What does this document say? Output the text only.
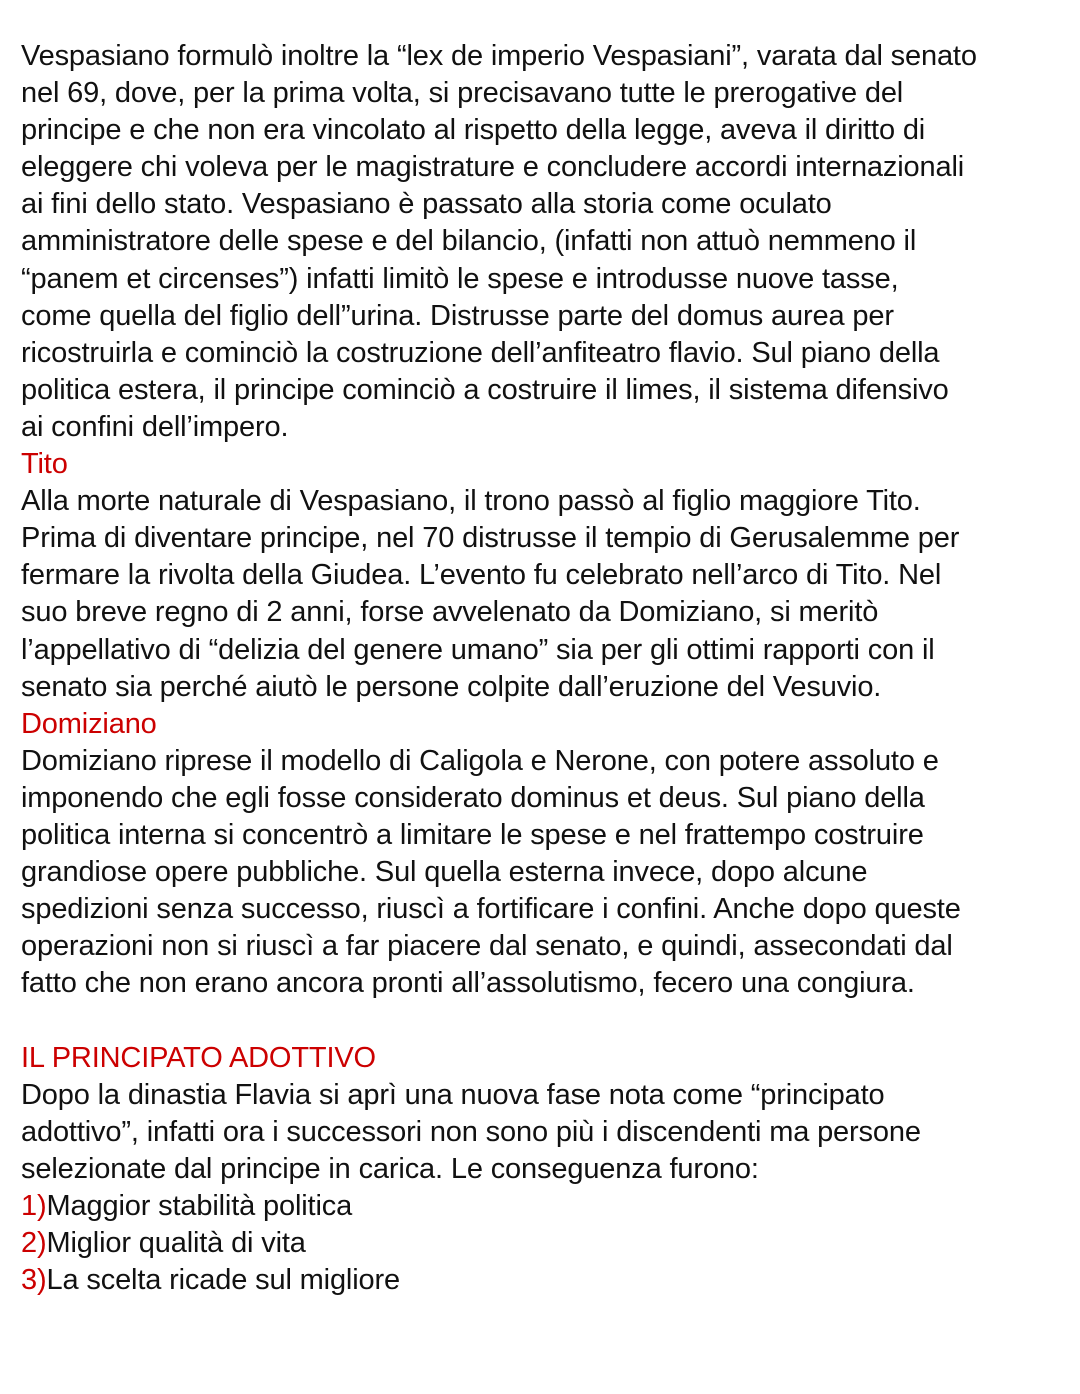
Vespasiano formulò inoltre la “lex de imperio Vespasiani”, varata dal senato
nel 69, dove, per la prima volta, si precisavano tutte le prerogative del
principe e che non era vincolato al rispetto della legge, aveva il diritto di
eleggere chi voleva per le magistrature e concludere accordi internazionali
ai fini dello stato. Vespasiano è passato alla storia come oculato
amministratore delle spese e del bilancio, (infatti non attuò nemmeno il
“panem et circenses”) infatti limitò le spese e introdusse nuove tasse,
come quella del figlio dell”urina. Distrusse parte del domus aurea per
ricostruirla e cominciò la costruzione dell’anfiteatro flavio. Sul piano della
politica estera, il principe cominciò a costruire il limes, il sistema difensivo
ai confini dell’impero.

Tito
Alla morte naturale di Vespasiano, il trono passò al figlio maggiore Tito.
Prima di diventare principe, nel 70 distrusse il tempio di Gerusalemme per
fermare la rivolta della Giudea. L’evento fu celebrato nell’arco di Tito. Nel
suo breve regno di 2 anni, forse avvelenato da Domiziano, si meritò
l’appellativo di “delizia del genere umano” sia per gli ottimi rapporti con il
senato sia perché aiutò le persone colpite dall’eruzione del Vesuvio.

Domiziano
Domiziano riprese il modello di Caligola e Nerone, con potere assoluto e
imponendo che egli fosse considerato dominus et deus. Sul piano della
politica interna si concentrò a limitare le spese e nel frattempo costruire
grandiose opere pubbliche. Sul quella esterna invece, dopo alcune
spedizioni senza successo, riuscì a fortificare i confini. Anche dopo queste
operazioni non si riuscì a far piacere dal senato, e quindi, assecondati dal
fatto che non erano ancora pronti all’assolutismo, fecero una congiura.

IL PRINCIPATO ADOTTIVO
Dopo la dinastia Flavia si aprì una nuova fase nota come “principato
adottivo”, infatti ora i successori non sono più i discendenti ma persone
selezionate dal principe in carica. Le conseguenza furono:
1)Maggior stabilità politica
2)Miglior qualità di vita
3)La scelta ricade sul migliore
